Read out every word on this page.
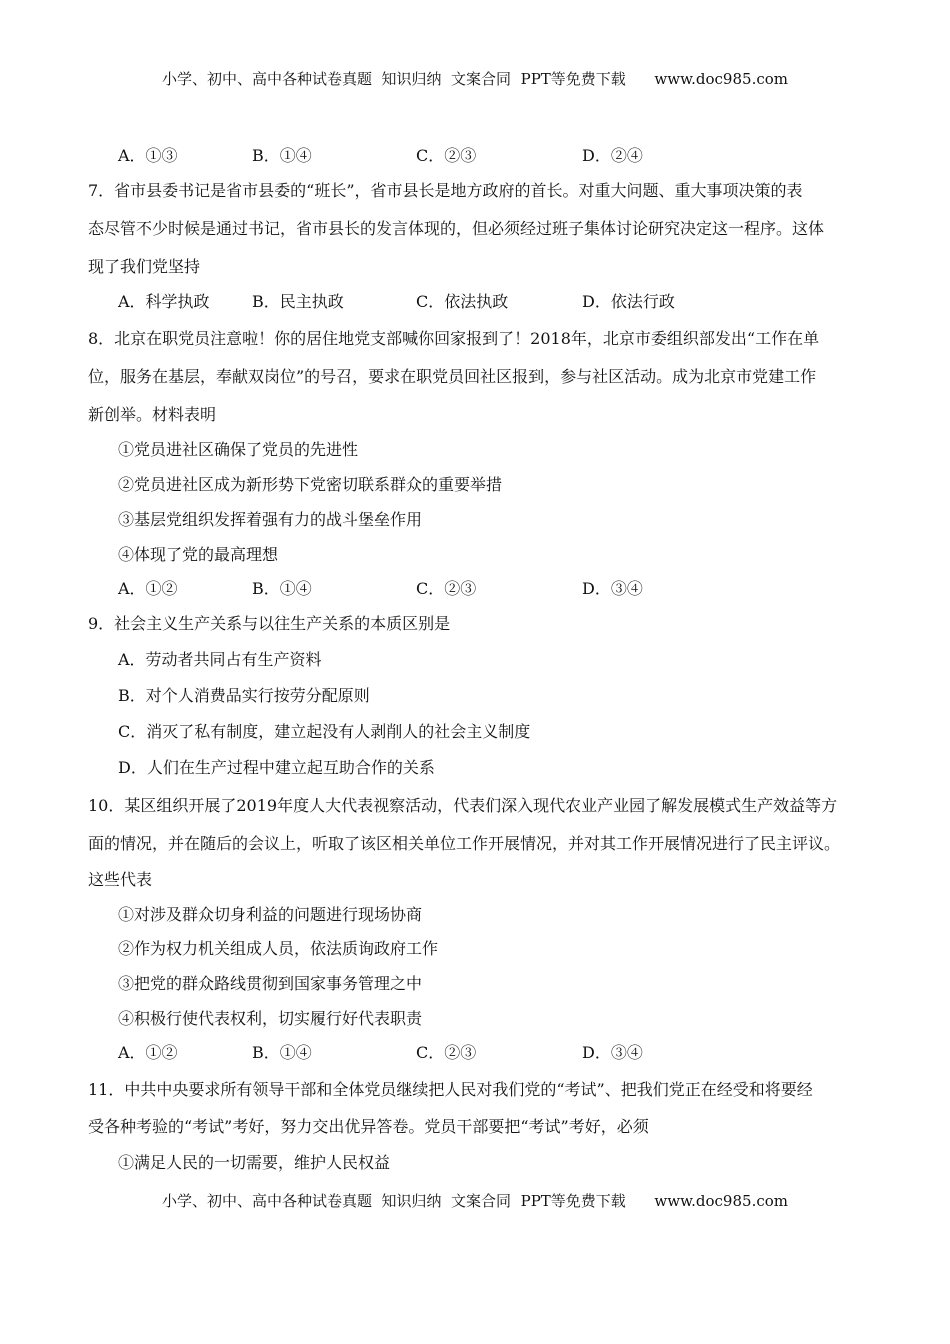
小学、初中、高中各种试卷真题  知识归纳  文案合同  PPT等免费下载      www.doc985.com
A．①③	B．①④	C．②③	D．②④
7．省市县委书记是省市县委的“班长”，省市县长是地方政府的首长。对重大问题、重大事项决策的表
态尽管不少时候是通过书记，省市县长的发言体现的，但必须经过班子集体讨论研究决定这一程序。这体
现了我们党坚持
A．科学执政	B．民主执政	C．依法执政	D．依法行政
8．北京在职党员注意啦！你的居住地党支部喊你回家报到了！2018年，北京市委组织部发出“工作在单
位，服务在基层，奉献双岗位”的号召，要求在职党员回社区报到，参与社区活动。成为北京市党建工作
新创举。材料表明
①党员进社区确保了党员的先进性
②党员进社区成为新形势下党密切联系群众的重要举措
③基层党组织发挥着强有力的战斗堡垒作用
④体现了党的最高理想
A．①②	B．①④	C．②③	D．③④
9．社会主义生产关系与以往生产关系的本质区别是
A．劳动者共同占有生产资料
B．对个人消费品实行按劳分配原则
C．消灭了私有制度，建立起没有人剥削人的社会主义制度
D．人们在生产过程中建立起互助合作的关系
10．某区组织开展了2019年度人大代表视察活动，代表们深入现代农业产业园了解发展模式生产效益等方
面的情况，并在随后的会议上，听取了该区相关单位工作开展情况，并对其工作开展情况进行了民主评议。
这些代表
①对涉及群众切身利益的问题进行现场协商
②作为权力机关组成人员，依法质询政府工作
③把党的群众路线贯彻到国家事务管理之中
④积极行使代表权利，切实履行好代表职责
A．①②	B．①④	C．②③	D．③④
11．中共中央要求所有领导干部和全体党员继续把人民对我们党的“考试”、把我们党正在经受和将要经
受各种考验的“考试”考好，努力交出优异答卷。党员干部要把“考试”考好，必须
①满足人民的一切需要，维护人民权益
小学、初中、高中各种试卷真题  知识归纳  文案合同  PPT等免费下载      www.doc985.com
